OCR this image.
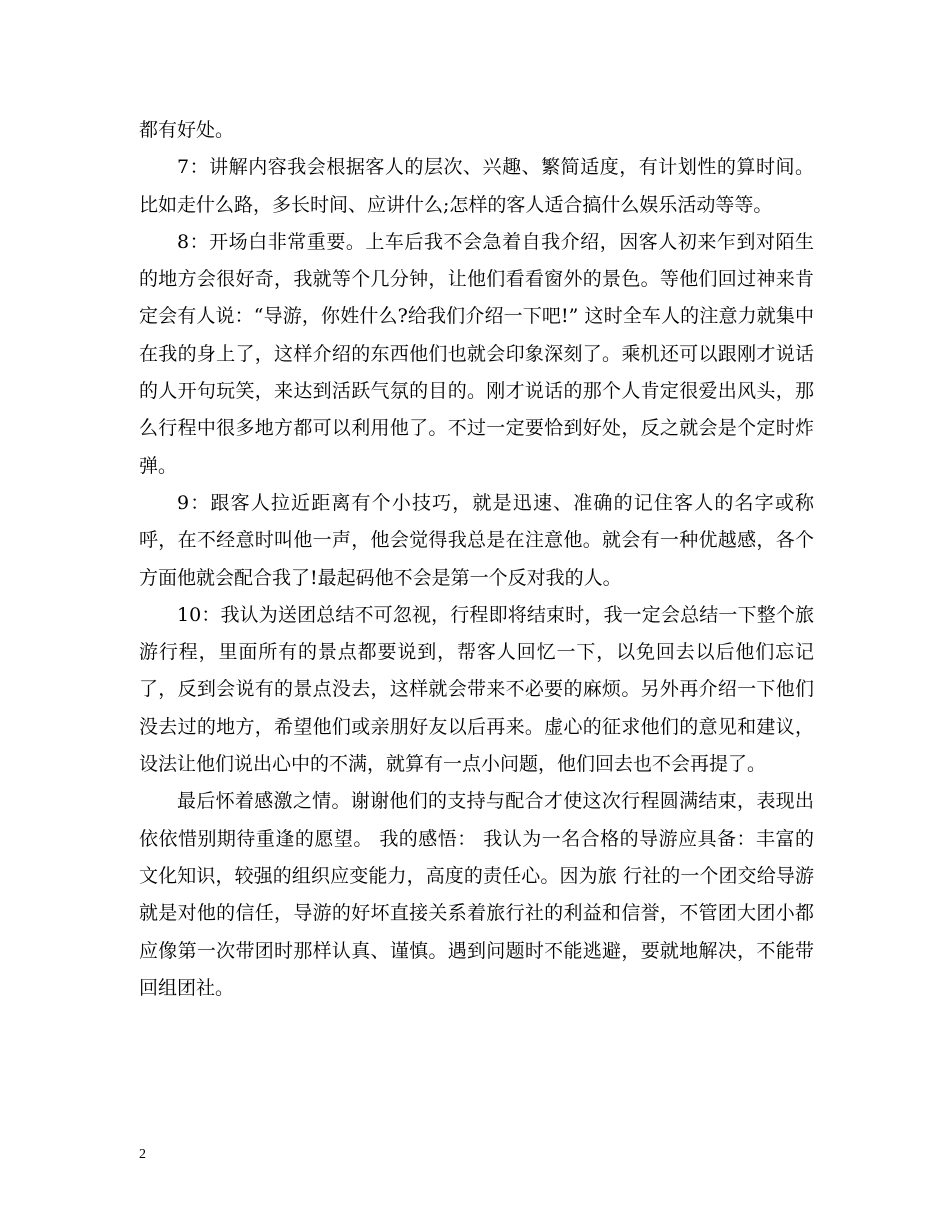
都有好处。

7：讲解内容我会根据客人的层次、兴趣、繁简适度，有计划性的算时间。比如走什么路，多长时间、应讲什么;怎样的客人适合搞什么娱乐活动等等。

8：开场白非常重要。上车后我不会急着自我介绍，因客人初来乍到对陌生的地方会很好奇，我就等个几分钟，让他们看看窗外的景色。等他们回过神来肯定会有人说：“导游，你姓什么?给我们介绍一下吧!” 这时全车人的注意力就集中在我的身上了，这样介绍的东西他们也就会印象深刻了。乘机还可以跟刚才说话的人开句玩笑，来达到活跃气氛的目的。刚才说话的那个人肯定很爱出风头，那么行程中很多地方都可以利用他了。不过一定要恰到好处，反之就会是个定时炸弹。

9：跟客人拉近距离有个小技巧，就是迅速、准确的记住客人的名字或称呼，在不经意时叫他一声，他会觉得我总是在注意他。就会有一种优越感，各个方面他就会配合我了!最起码他不会是第一个反对我的人。

10：我认为送团总结不可忽视，行程即将结束时，我一定会总结一下整个旅游行程，里面所有的景点都要说到，帮客人回忆一下，以免回去以后他们忘记了，反到会说有的景点没去，这样就会带来不必要的麻烦。另外再介绍一下他们没去过的地方，希望他们或亲朋好友以后再来。虚心的征求他们的意见和建议，设法让他们说出心中的不满，就算有一点小问题，他们回去也不会再提了。

最后怀着感激之情。谢谢他们的支持与配合才使这次行程圆满结束，表现出依依惜别期待重逢的愿望。 我的感悟： 我认为一名合格的导游应具备：丰富的文化知识，较强的组织应变能力，高度的责任心。因为旅 行社的一个团交给导游就是对他的信任，导游的好坏直接关系着旅行社的利益和信誉，不管团大团小都应像第一次带团时那样认真、谨慎。遇到问题时不能逃避，要就地解决，不能带回组团社。

2
